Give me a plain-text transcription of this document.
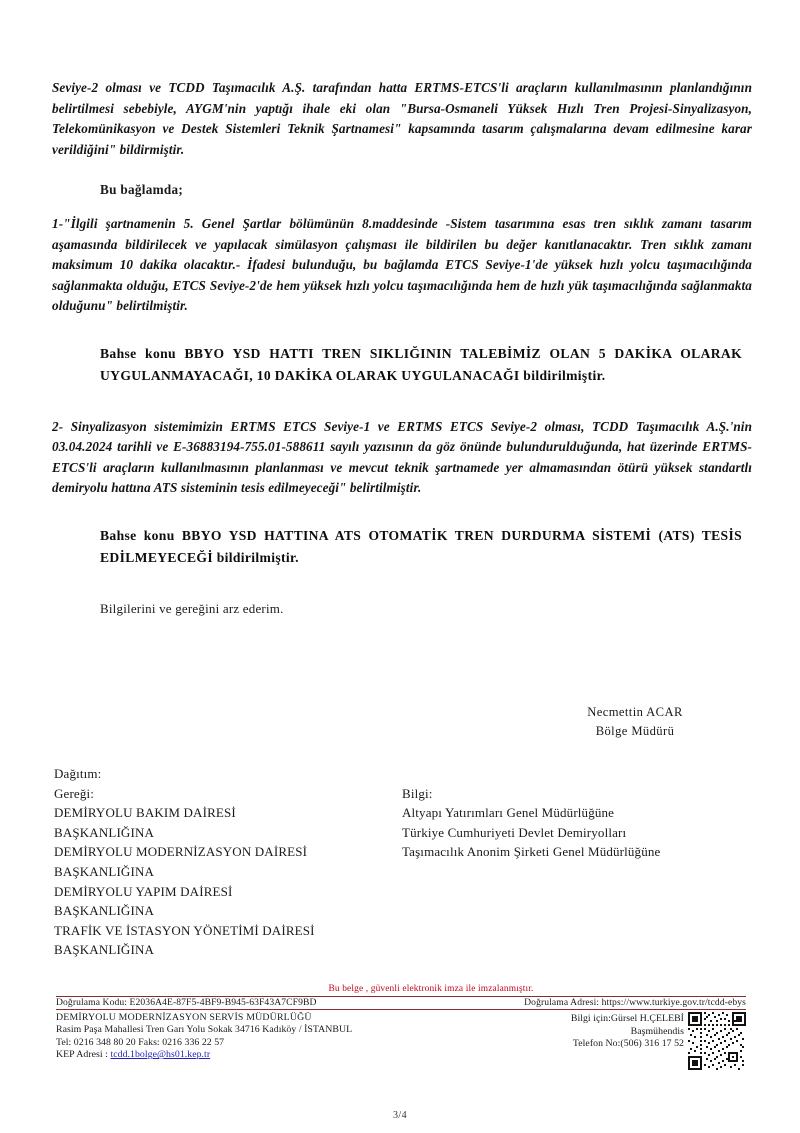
Seviye-2 olması ve TCDD Taşımacılık A.Ş. tarafından hatta ERTMS-ETCS'li araçların kullanılmasının planlandığının belirtilmesi sebebiyle, AYGM'nin yaptığı ihale eki olan "Bursa-Osmaneli Yüksek Hızlı Tren Projesi-Sinyalizasyon, Telekomünikasyon ve Destek Sistemleri Teknik Şartnamesi" kapsamında tasarım çalışmalarına devam edilmesine karar verildiğini" bildirmiştir.

Bu bağlamda;

1-"İlgili şartnamenin 5. Genel Şartlar bölümünün 8.maddesinde -Sistem tasarımına esas tren sıklık zamanı tasarım aşamasında bildirilecek ve yapılacak simülasyon çalışması ile bildirilen bu değer kanıtlanacaktır. Tren sıklık zamanı maksimum 10 dakika olacaktır.- İfadesi bulunduğu, bu bağlamda ETCS Seviye-1'de yüksek hızlı yolcu taşımacılığında sağlanmakta olduğu, ETCS Seviye-2'de hem yüksek hızlı yolcu taşımacılığında hem de hızlı yük taşımacılığında sağlanmakta olduğunu" belirtilmiştir.

Bahse konu BBYO YSD HATTI TREN SIKLIĞININ TALEBİMİZ OLAN 5 DAKİKA OLARAK UYGULANMAYACAĞI, 10 DAKİKA OLARAK UYGULANACAĞI bildirilmiştir.

2- Sinyalizasyon sistemimizin ERTMS ETCS Seviye-1 ve ERTMS ETCS Seviye-2 olması, TCDD Taşımacılık A.Ş.'nin 03.04.2024 tarihli ve E-36883194-755.01-588611 sayılı yazısının da göz önünde bulundurulduğunda, hat üzerinde ERTMS-ETCS'li araçların kullanılmasının planlanması ve mevcut teknik şartnamede yer almamasından ötürü yüksek standartlı demiryolu hattına ATS sisteminin tesis edilmeyeceği" belirtilmiştir.

Bahse konu BBYO YSD HATTINA ATS OTOMATİK TREN DURDURMA SİSTEMİ (ATS) TESİS EDİLMEYECEĞİ bildirilmiştir.

Bilgilerini ve gereğini arz ederim.

Necmettin ACAR
Bölge Müdürü
Dağıtım:
Gereği:
DEMİRYOLU BAKIM DAİRESİ
BAŞKANLIĞINA
DEMİRYOLU MODERNİZASYON DAİRESİ
BAŞKANLIĞINA
DEMİRYOLU YAPIM DAİRESİ
BAŞKANLIĞINA
TRAFİK VE İSTASYON YÖNETİMİ DAİRESİ
BAŞKANLIĞINA
Bilgi:
Altyapı Yatırımları Genel Müdürlüğüne
Türkiye Cumhuriyeti Devlet Demiryolları
Taşımacılık Anonim Şirketi Genel Müdürlüğüne
Bu belge , güvenli elektronik imza ile imzalanmıştır.
Doğrulama Kodu: E2036A4E-87F5-4BF9-B945-63F43A7CF9BD	Doğrulama Adresi: https://www.turkiye.gov.tr/tcdd-ebys
DEMİRYOLU MODERNİZASYON SERVİS MÜDÜRLÜĞÜ
Rasim Paşa Mahallesi Tren Garı Yolu Sokak 34716 Kadıköy / İSTANBUL
Tel: 0216 348 80 20 Faks: 0216 336 22 57
KEP Adresi : tcdd.1bolge@hs01.kep.tr
Bilgi için:Gürsel H.ÇELEBİ
Başmühendis
Telefon No:(506) 316 17 52
3/4
